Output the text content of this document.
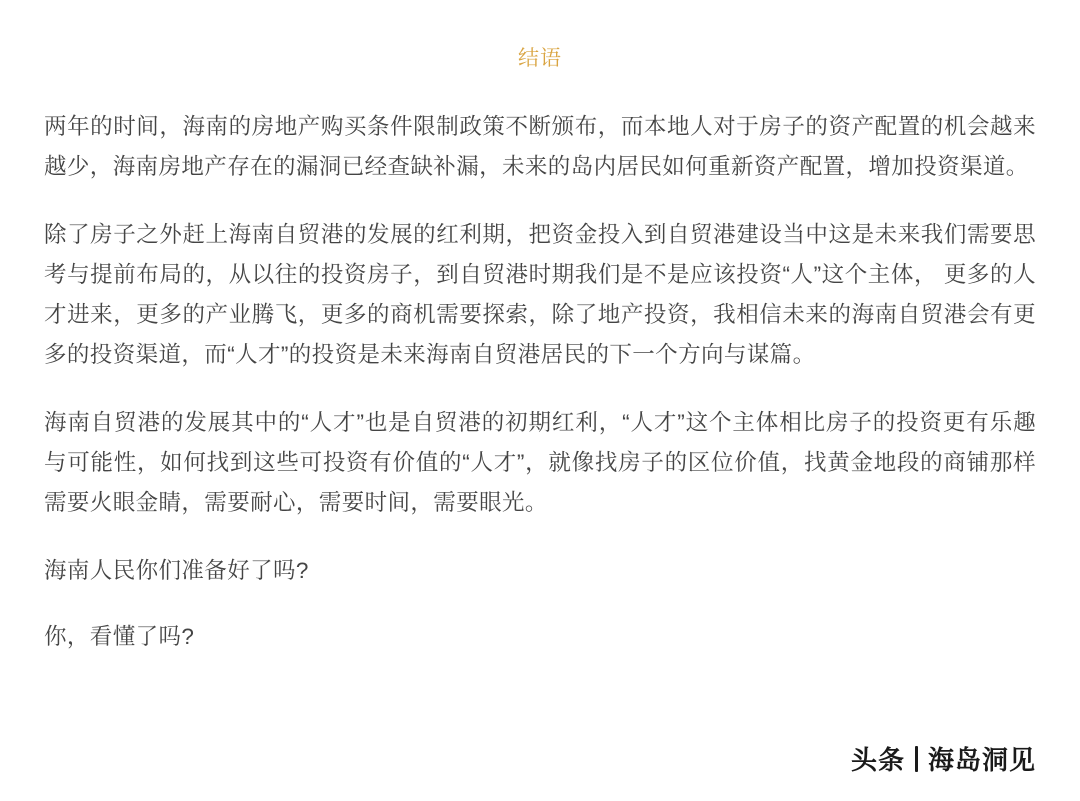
结语

两年的时间，海南的房地产购买条件限制政策不断颁布，而本地人对于房子的资产配置的机会越来越少，海南房地产存在的漏洞已经查缺补漏，未来的岛内居民如何重新资产配置，增加投资渠道。

除了房子之外赶上海南自贸港的发展的红利期，把资金投入到自贸港建设当中这是未来我们需要思考与提前布局的，从以往的投资房子，到自贸港时期我们是不是应该投资“人”这个主体， 更多的人才进来，更多的产业腾飞，更多的商机需要探索，除了地产投资，我相信未来的海南自贸港会有更多的投资渠道，而“人才”的投资是未来海南自贸港居民的下一个方向与谋篇。

海南自贸港的发展其中的“人才”也是自贸港的初期红利，“人才”这个主体相比房子的投资更有乐趣与可能性，如何找到这些可投资有价值的“人才”，就像找房子的区位价值，找黄金地段的商铺那样需要火眼金睛，需要耐心，需要时间，需要眼光。

海南人民你们准备好了吗?

你，看懂了吗?

头条 海岛洞见
